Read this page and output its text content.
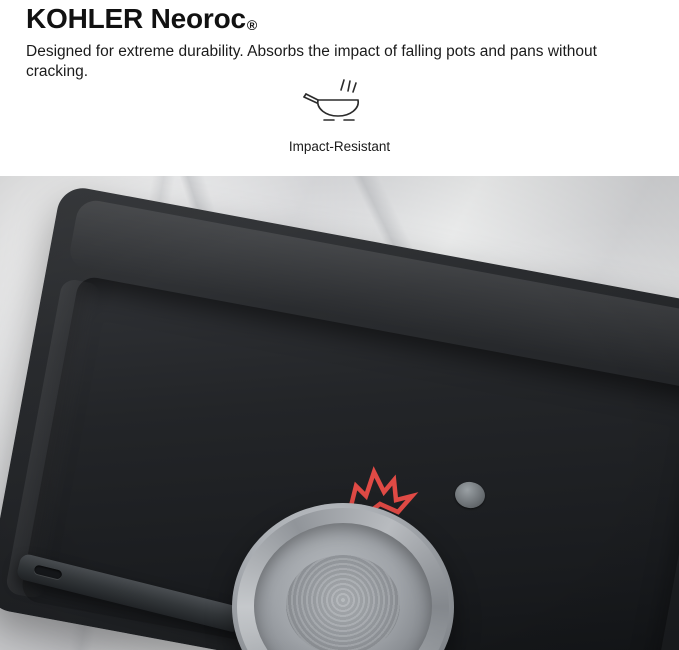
KOHLER Neoroc®

Designed for extreme durability. Absorbs the impact of falling pots and pans without cracking.

Impact-Resistant
